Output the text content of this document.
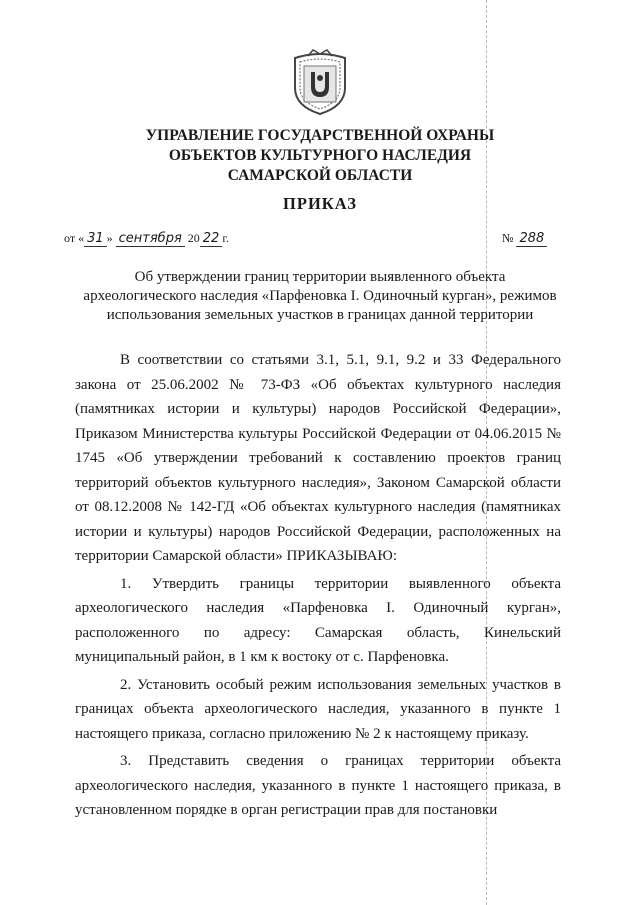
УПРАВЛЕНИЕ ГОСУДАРСТВЕННОЙ ОХРАНЫ
ОБЪЕКТОВ КУЛЬТУРНОГО НАСЛЕДИЯ
САМАРСКОЙ ОБЛАСТИ
ПРИКАЗ
от « 31 » сентября 20 22 г.	№ 288
Об утверждении границ территории выявленного объекта
археологического наследия «Парфеновка I. Одиночный курган», режимов
использования земельных участков в границах данной территории

В соответствии со статьями 3.1, 5.1, 9.1, 9.2 и 33 Федерального закона от 25.06.2002 № 73-ФЗ «Об объектах культурного наследия (памятниках истории и культуры) народов Российской Федерации», Приказом Министерства культуры Российской Федерации от 04.06.2015 № 1745 «Об утверждении требований к составлению проектов границ территорий объектов культурного наследия», Законом Самарской области от 08.12.2008 № 142-ГД «Об объектах культурного наследия (памятниках истории и культуры) народов Российской Федерации, расположенных на территории Самарской области» ПРИКАЗЫВАЮ:

1. Утвердить границы территории выявленного объекта археологического наследия «Парфеновка I. Одиночный курган», расположенного по адресу: Самарская область, Кинельский муниципальный район, в 1 км к востоку от с. Парфеновка.

2. Установить особый режим использования земельных участков в границах объекта археологического наследия, указанного в пункте 1 настоящего приказа, согласно приложению № 2 к настоящему приказу.

3. Представить сведения о границах территории объекта археологического наследия, указанного в пункте 1 настоящего приказа, в установленном порядке в орган регистрации прав для постановки
